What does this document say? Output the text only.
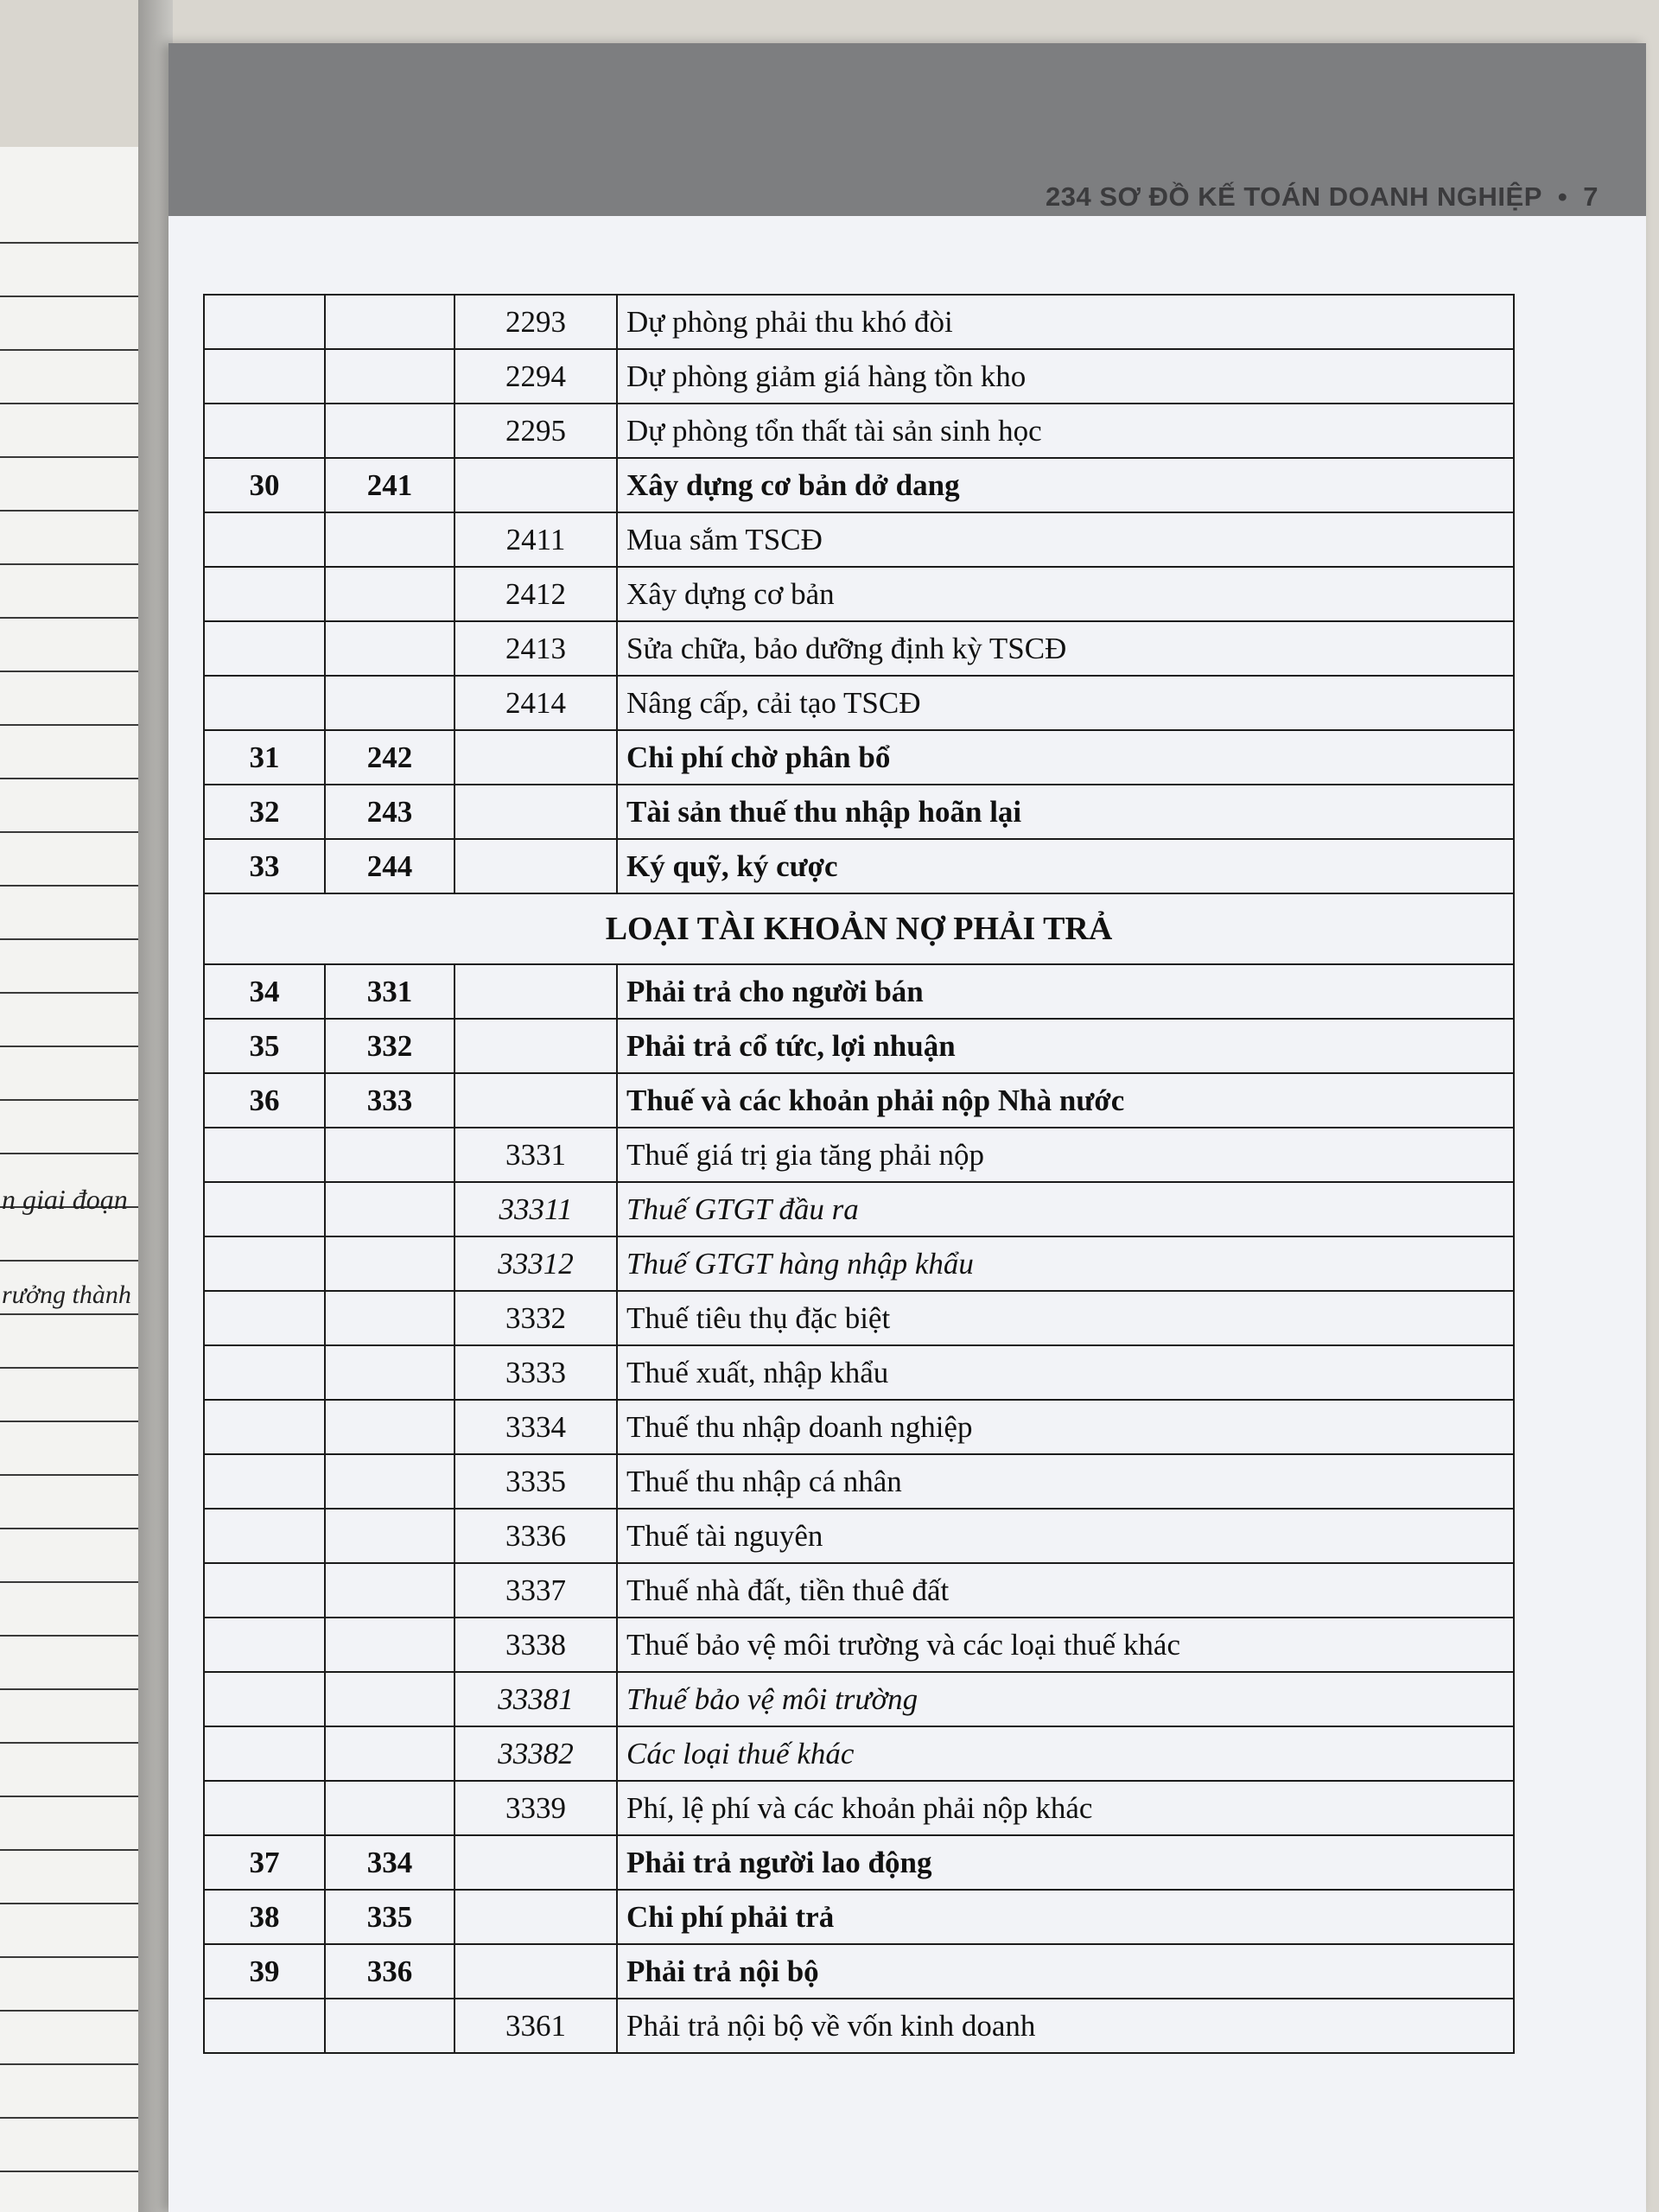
n giai đoạn
rưởng thành
234 SƠ ĐỒ KẾ TOÁN DOANH NGHIỆP • 7
		2293	Dự phòng phải thu khó đòi
		2294	Dự phòng giảm giá hàng tồn kho
		2295	Dự phòng tổn thất tài sản sinh học
30	241		Xây dựng cơ bản dở dang
		2411	Mua sắm TSCĐ
		2412	Xây dựng cơ bản
		2413	Sửa chữa, bảo dưỡng định kỳ TSCĐ
		2414	Nâng cấp, cải tạo TSCĐ
31	242		Chi phí chờ phân bổ
32	243		Tài sản thuế thu nhập hoãn lại
33	244		Ký quỹ, ký cược
LOẠI TÀI KHOẢN NỢ PHẢI TRẢ			
34	331		Phải trả cho người bán
35	332		Phải trả cổ tức, lợi nhuận
36	333		Thuế và các khoản phải nộp Nhà nước
		3331	Thuế giá trị gia tăng phải nộp
		33311	Thuế GTGT đầu ra
		33312	Thuế GTGT hàng nhập khẩu
		3332	Thuế tiêu thụ đặc biệt
		3333	Thuế xuất, nhập khẩu
		3334	Thuế thu nhập doanh nghiệp
		3335	Thuế thu nhập cá nhân
		3336	Thuế tài nguyên
		3337	Thuế nhà đất, tiền thuê đất
		3338	Thuế bảo vệ môi trường và các loại thuế khác
		33381	Thuế bảo vệ môi trường
		33382	Các loại thuế khác
		3339	Phí, lệ phí và các khoản phải nộp khác
37	334		Phải trả người lao động
38	335		Chi phí phải trả
39	336		Phải trả nội bộ
		3361	Phải trả nội bộ về vốn kinh doanh
